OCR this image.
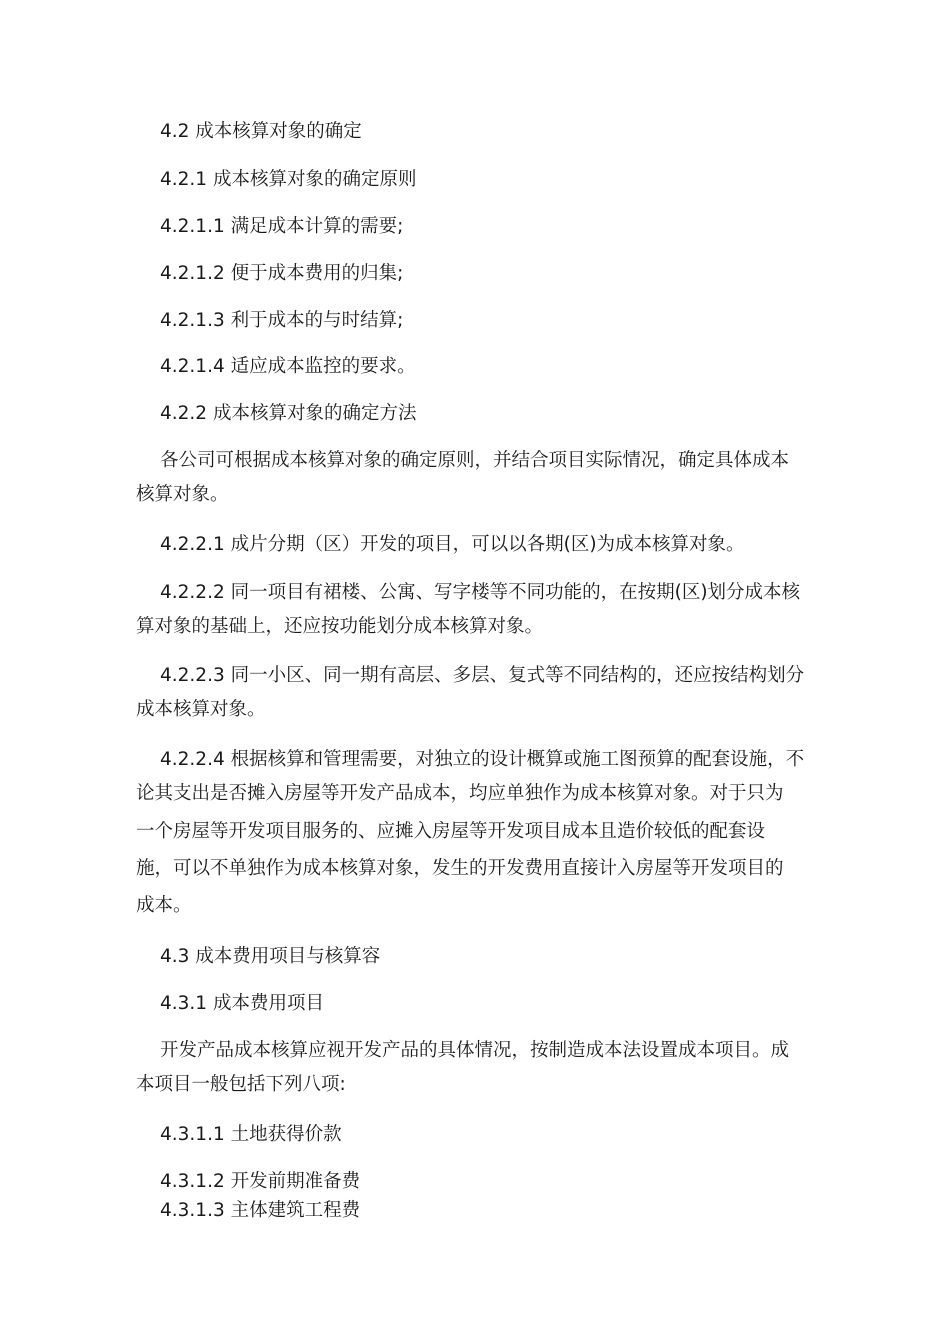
4.2 成本核算对象的确定
4.2.1 成本核算对象的确定原则
4.2.1.1 满足成本计算的需要;
4.2.1.2 便于成本费用的归集;
4.2.1.3 利于成本的与时结算;
4.2.1.4 适应成本监控的要求。
4.2.2 成本核算对象的确定方法
各公司可根据成本核算对象的确定原则，并结合项目实际情况，确定具体成本
核算对象。
4.2.2.1 成片分期（区）开发的项目，可以以各期(区)为成本核算对象。
4.2.2.2 同一项目有裙楼、公寓、写字楼等不同功能的，在按期(区)划分成本核
算对象的基础上，还应按功能划分成本核算对象。
4.2.2.3 同一小区、同一期有高层、多层、复式等不同结构的，还应按结构划分
成本核算对象。
4.2.2.4 根据核算和管理需要，对独立的设计概算或施工图预算的配套设施，不
论其支出是否摊入房屋等开发产品成本，均应单独作为成本核算对象。对于只为
一个房屋等开发项目服务的、应摊入房屋等开发项目成本且造价较低的配套设
施，可以不单独作为成本核算对象，发生的开发费用直接计入房屋等开发项目的
成本。
4.3 成本费用项目与核算容
4.3.1 成本费用项目
开发产品成本核算应视开发产品的具体情况，按制造成本法设置成本项目。成
本项目一般包括下列八项:
4.3.1.1 土地获得价款
4.3.1.2 开发前期准备费
4.3.1.3 主体建筑工程费
